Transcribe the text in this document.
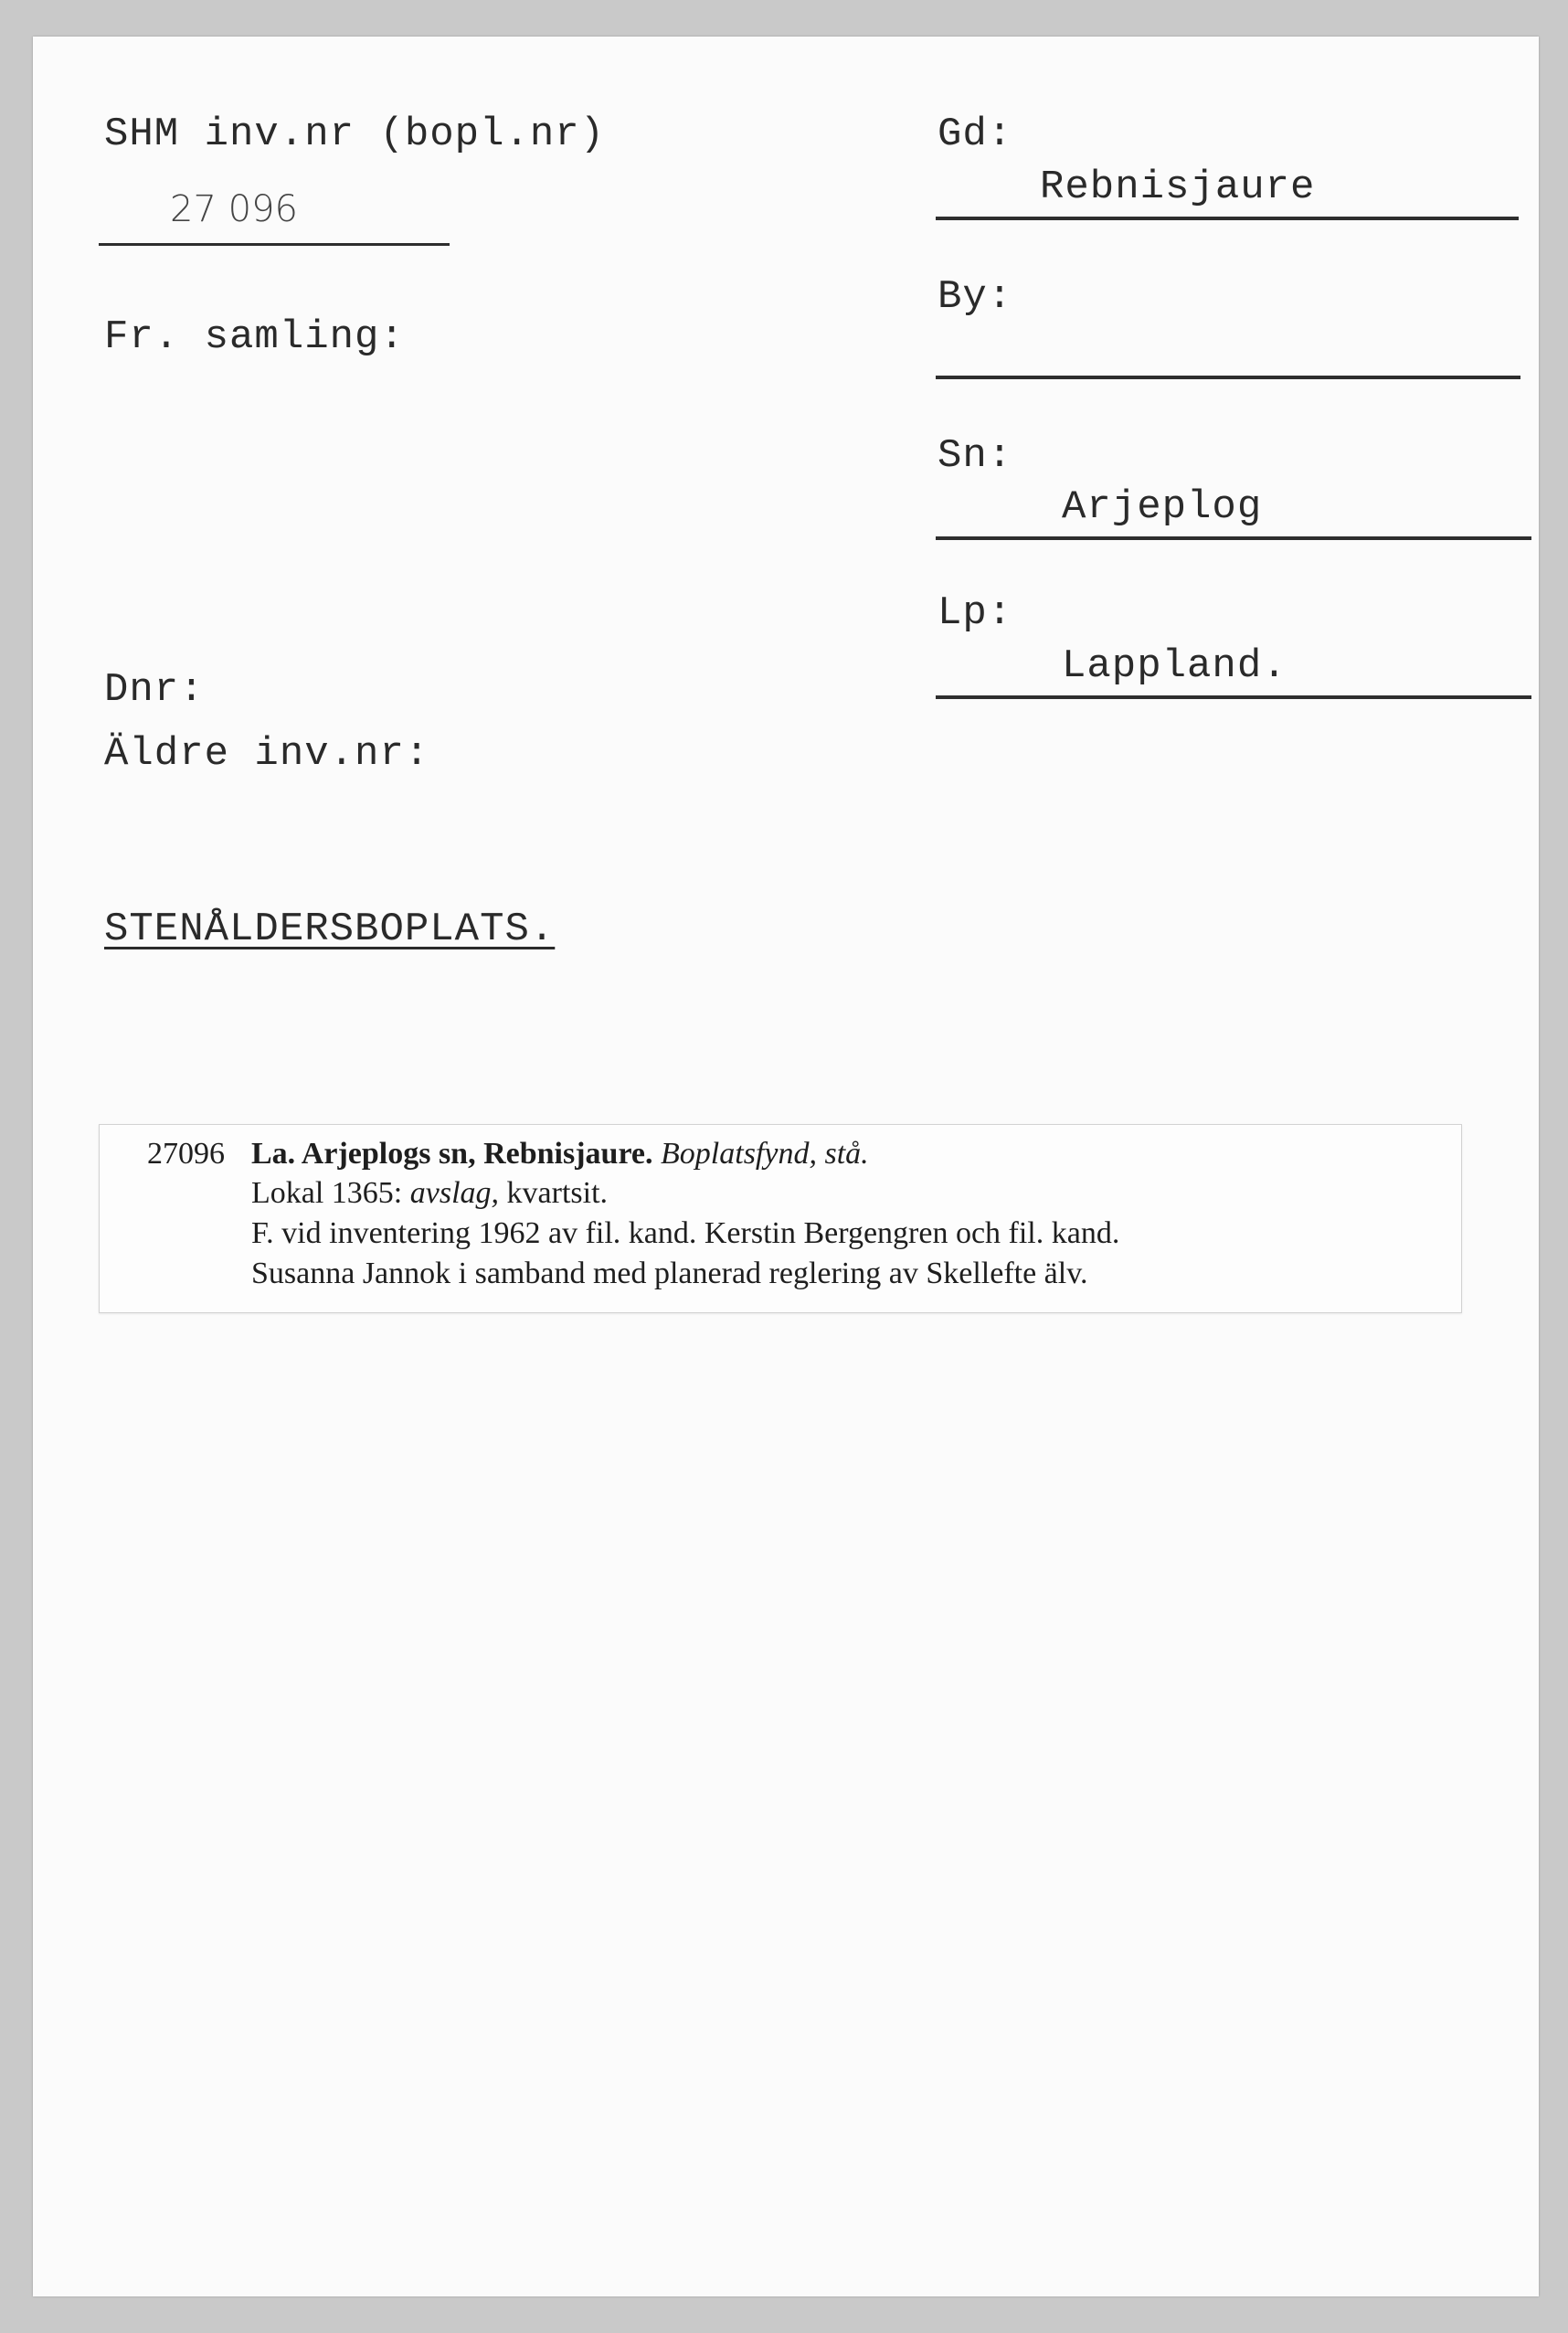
SHM inv.nr (bopl.nr)
27 096
Fr. samling:
Dnr:
Äldre inv.nr:
STENÅLDERSBOPLATS.
Gd:
Rebnisjaure
By:
Sn:
Arjeplog
Lp:
Lappland.
27096 La. Arjeplogs sn, Rebnisjaure. Boplatsfynd, stå.
Lokal 1365: avslag, kvartsit.
F. vid inventering 1962 av fil. kand. Kerstin Bergengren och fil. kand.
Susanna Jannok i samband med planerad reglering av Skellefte älv.
